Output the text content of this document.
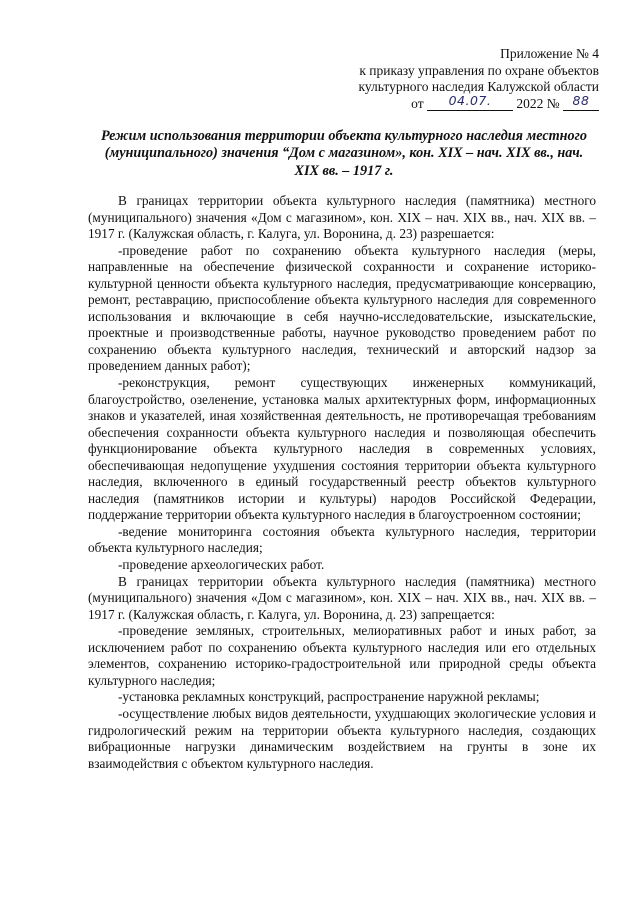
Приложение № 4
к приказу управления по охране объектов
культурного наследия Калужской области
от 04.07. 2022 № 88
Режим использования территории объекта культурного наследия местного
(муниципального) значения “Дом с магазином», кон. XIX – нач. XIX вв., нач.
XIX вв. – 1917 г.

В границах территории объекта культурного наследия (памятника) местного (муниципального) значения «Дом с магазином», кон. XIX – нач. XIX вв., нач. XIX вв. – 1917 г. (Калужская область, г. Калуга, ул. Воронина, д. 23) разрешается:

-проведение работ по сохранению объекта культурного наследия (меры, направленные на обеспечение физической сохранности и сохранение историко-культурной ценности объекта культурного наследия, предусматривающие консервацию, ремонт, реставрацию, приспособление объекта культурного наследия для современного использования и включающие в себя научно-исследовательские, изыскательские, проектные и производственные работы, научное руководство проведением работ по сохранению объекта культурного наследия, технический и авторский надзор за проведением данных работ);

-реконструкция, ремонт существующих инженерных коммуникаций, благоустройство, озеленение, установка малых архитектурных форм, информационных знаков и указателей, иная хозяйственная деятельность, не противоречащая требованиям обеспечения сохранности объекта культурного наследия и позволяющая обеспечить функционирование объекта культурного наследия в современных условиях, обеспечивающая недопущение ухудшения состояния территории объекта культурного наследия, включенного в единый государственный реестр объектов культурного наследия (памятников истории и культуры) народов Российской Федерации, поддержание территории объекта культурного наследия в благоустроенном состоянии;

-ведение мониторинга состояния объекта культурного наследия, территории объекта культурного наследия;

-проведение археологических работ.

В границах территории объекта культурного наследия (памятника) местного (муниципального) значения «Дом с магазином», кон. XIX – нач. XIX вв., нач. XIX вв. – 1917 г. (Калужская область, г. Калуга, ул. Воронина, д. 23) запрещается:

-проведение земляных, строительных, мелиоративных работ и иных работ, за исключением работ по сохранению объекта культурного наследия или его отдельных элементов, сохранению историко-градостроительной или природной среды объекта культурного наследия;

-установка рекламных конструкций, распространение наружной рекламы;

-осуществление любых видов деятельности, ухудшающих экологические условия и гидрологический режим на территории объекта культурного наследия, создающих вибрационные нагрузки динамическим воздействием на грунты в зоне их взаимодействия с объектом культурного наследия.
